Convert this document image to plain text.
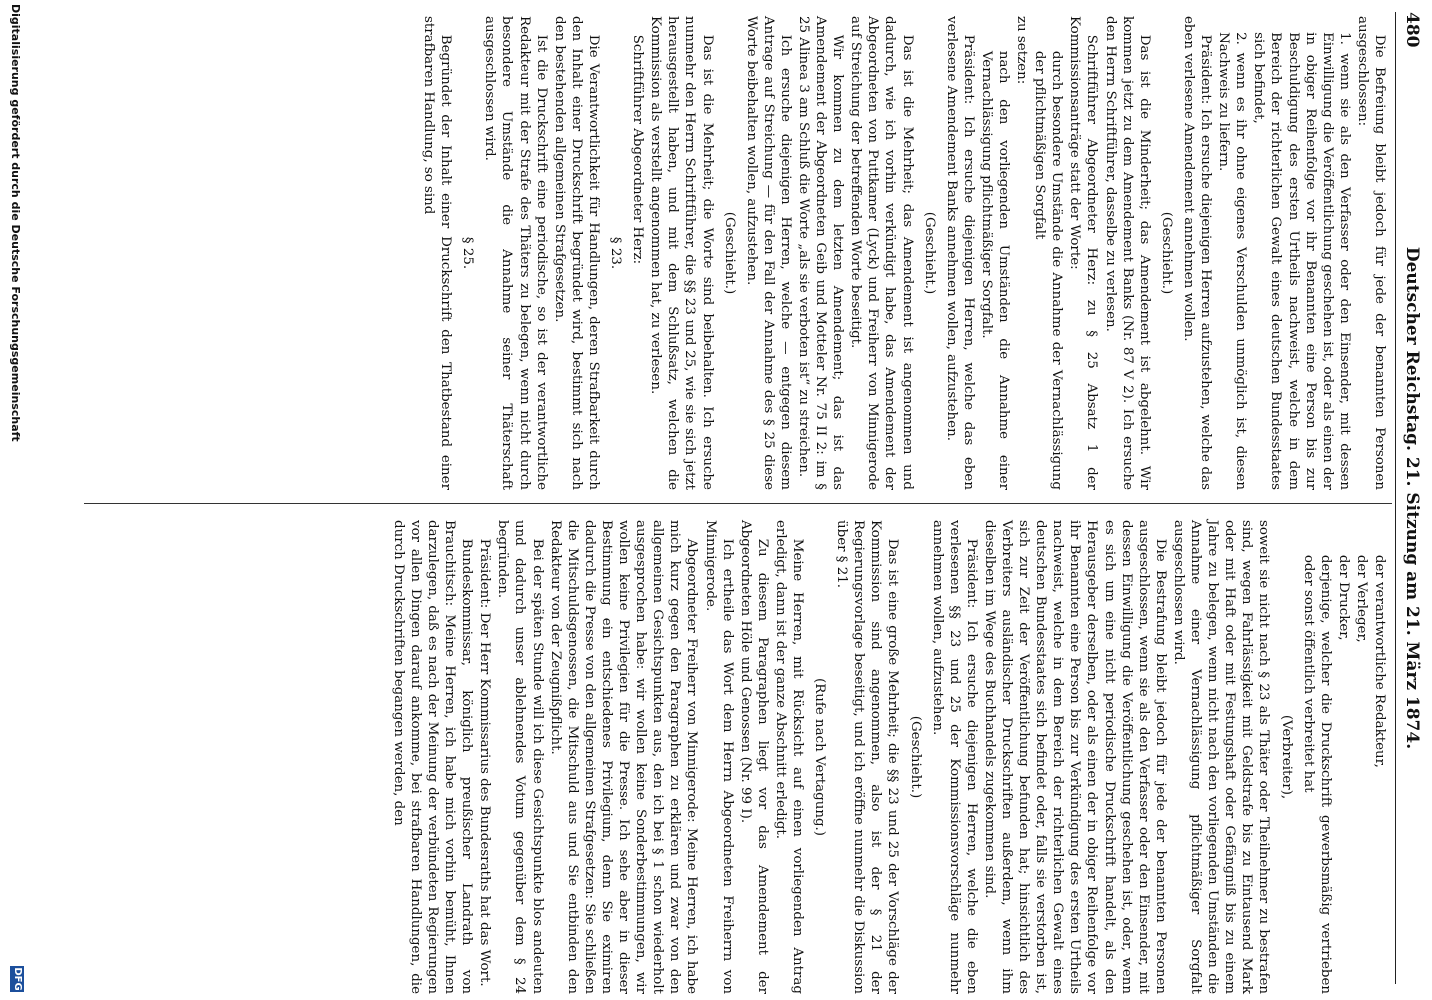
480
Deutscher Reichstag. 21. Sitzung am 21. März 1874.

Die Befreiung bleibt jedoch für jede der benannten Personen ausgeschlossen:

1. wenn sie als den Verfasser oder den Einsender, mit dessen Einwilligung die Veröffentlichung geschehen ist, oder als einen der in obiger Reihenfolge vor ihr Benannten eine Person bis zur Beschuldigung des ersten Urtheils nachweist, welche in dem Bereich der richterlichen Gewalt eines deutschen Bundesstaates sich befindet,

2. wenn es ihr ohne eigenes Verschulden unmöglich ist, diesen Nachweis zu liefern.

Präsident: Ich ersuche diejenigen Herren aufzustehen, welche das eben verlesene Amendement annehmen wollen.

(Geschieht.)

Das ist die Minderheit; das Amendement ist abgelehnt. Wir kommen jetzt zu dem Amendement Banks (Nr. 87 V 2). Ich ersuche den Herrn Schriftführer, dasselbe zu verlesen.

Schriftführer Abgeordneter Herz: zu § 25 Absatz 1 der Kommissionsanträge statt der Worte:

durch besondere Umstände die Annahme der Vernachlässigung der pflichtmäßigen Sorgfalt

zu setzen:

nach den vorliegenden Umständen die Annahme einer Vernachlässigung pflichtmäßiger Sorgfalt.

Präsident: Ich ersuche diejenigen Herren, welche das eben verlesene Amendement Banks annehmen wollen, aufzustehen.

(Geschieht.)

Das ist die Mehrheit; das Amendement ist angenommen und dadurch, wie ich vorhin verkündigt habe, das Amendement der Abgeordneten von Puttkamer (Lyck) und Freiherr von Minnigerode auf Streichung der betreffenden Worte beseitigt.

Wir kommen zu dem letzten Amendement; das ist das Amendement der Abgeordneten Geib und Motteler Nr. 75 II 2: im § 25 Alinea 3 am Schluß die Worte „als sie verboten ist“ zu streichen.

Ich ersuche diejenigen Herren, welche — entgegen diesem Antrage auf Streichung — für den Fall der Annahme des § 25 diese Worte beibehalten wollen, aufzustehen.

(Geschieht.)

Das ist die Mehrheit; die Worte sind beibehalten. Ich ersuche nunmehr den Herrn Schriftführer, die §§ 23 und 25, wie sie sich jetzt herausgestellt haben, und mit dem Schlußsatz, welchen die Kommission als verstellt angenommen hat, zu verlesen.

Schriftführer Abgeordneter Herz:

§ 23.

Die Verantwortlichkeit für Handlungen, deren Strafbarkeit durch den Inhalt einer Druckschrift begründet wird, bestimmt sich nach den bestehenden allgemeinen Strafgesetzen.

Ist die Druckschrift eine periodische, so ist der verantwortliche Redakteur mit der Strafe des Thäters zu belegen, wenn nicht durch besondere Umstände die Annahme seiner Thäterschaft ausgeschlossen wird.

§ 25.

Begründet der Inhalt einer Druckschrift den Thatbestand einer strafbaren Handlung, so sind

der verantwortliche Redakteur,

der Verleger,

der Drucker,

derjenige, welcher die Druckschrift gewerbsmäßig vertrieben oder sonst öffentlich verbreitet hat

(Verbreiter),

soweit sie nicht nach § 23 als Thäter oder Theilnehmer zu bestrafen sind, wegen Fahrlässigkeit mit Geldstrafe bis zu Eintausend Mark oder mit Haft oder mit Festungshaft oder Gefängniß bis zu einem Jahre zu belegen, wenn nicht nach den vorliegenden Umständen die Annahme einer Vernachlässigung pflichtmäßiger Sorgfalt ausgeschlossen wird.

Die Bestrafung bleibt jedoch für jede der benannten Personen ausgeschlossen, wenn sie als den Verfasser oder den Einsender, mit dessen Einwilligung die Veröffentlichung geschehen ist, oder, wenn es sich um eine nicht periodische Druckschrift handelt, als den Herausgeber derselben, oder als einen der in obiger Reihenfolge vor ihr Benannten eine Person bis zur Verkündigung des ersten Urtheils nachweist, welche in dem Bereich der richterlichen Gewalt eines deutschen Bundesstaates sich befindet oder, falls sie verstorben ist, sich zur Zeit der Veröffentlichung befunden hat; hinsichtlich des Verbreiters ausländischer Druckschriften außerdem, wenn ihm dieselben im Wege des Buchhandels zugekommen sind.

Präsident: Ich ersuche diejenigen Herren, welche die eben verlesenen §§ 23 und 25 der Kommissionsvorschläge nunmehr annehmen wollen, aufzustehen.

(Geschieht.)

Das ist eine große Mehrheit; die §§ 23 und 25 der Vorschläge der Kommission sind angenommen, also ist der § 21 der Regierungsvorlage beseitigt, und ich eröffne nunmehr die Diskussion über § 21.

(Rufe nach Vertagung.)

Meine Herren, mit Rücksicht auf einen vorliegenden Antrag erledigt, dann ist der ganze Abschnitt erledigt.

Zu diesem Paragraphen liegt vor das Amendement der Abgeordneten Höle und Genossen (Nr. 99 I).

Ich ertheile das Wort dem Herrn Abgeordneten Freiherrn von Minnigerode.

Abgeordneter Freiherr von Minnigerode: Meine Herren, ich habe mich kurz gegen den Paragraphen zu erklären und zwar von den allgemeinen Gesichtspunkten aus, den ich bei § 1 schon wiederholt ausgesprochen habe: wir wollen keine Sonderbestimmungen, wir wollen keine Privilegien für die Presse. Ich sehe aber in dieser Bestimmung ein entschiedenes Privilegium, denn Sie eximiren dadurch die Presse von den allgemeinen Strafgesetzen: Sie schließen die Mitschuldsgenossen, die Mitschuld aus und Sie entbinden den Redakteur von der Zeugnißpflicht.

Bei der späten Stunde will ich diese Gesichtspunkte blos andeuten und dadurch unser ablehnendes Votum gegenüber dem § 24 begründen.

Präsident: Der Herr Kommissarius des Bundesraths hat das Wort.

Bundeskommissar, königlich preußischer Landrath von Brauchitsch: Meine Herren, ich habe mich vorhin bemüht, Ihnen darzulegen, daß es nach der Meinung der verbündeten Regierungen vor allen Dingen darauf ankomme, bei strafbaren Handlungen, die durch Druckschriften begangen werden, den

Digitalisierung gefördert durch die Deutsche Forschungsgemeinschaft
DFG
